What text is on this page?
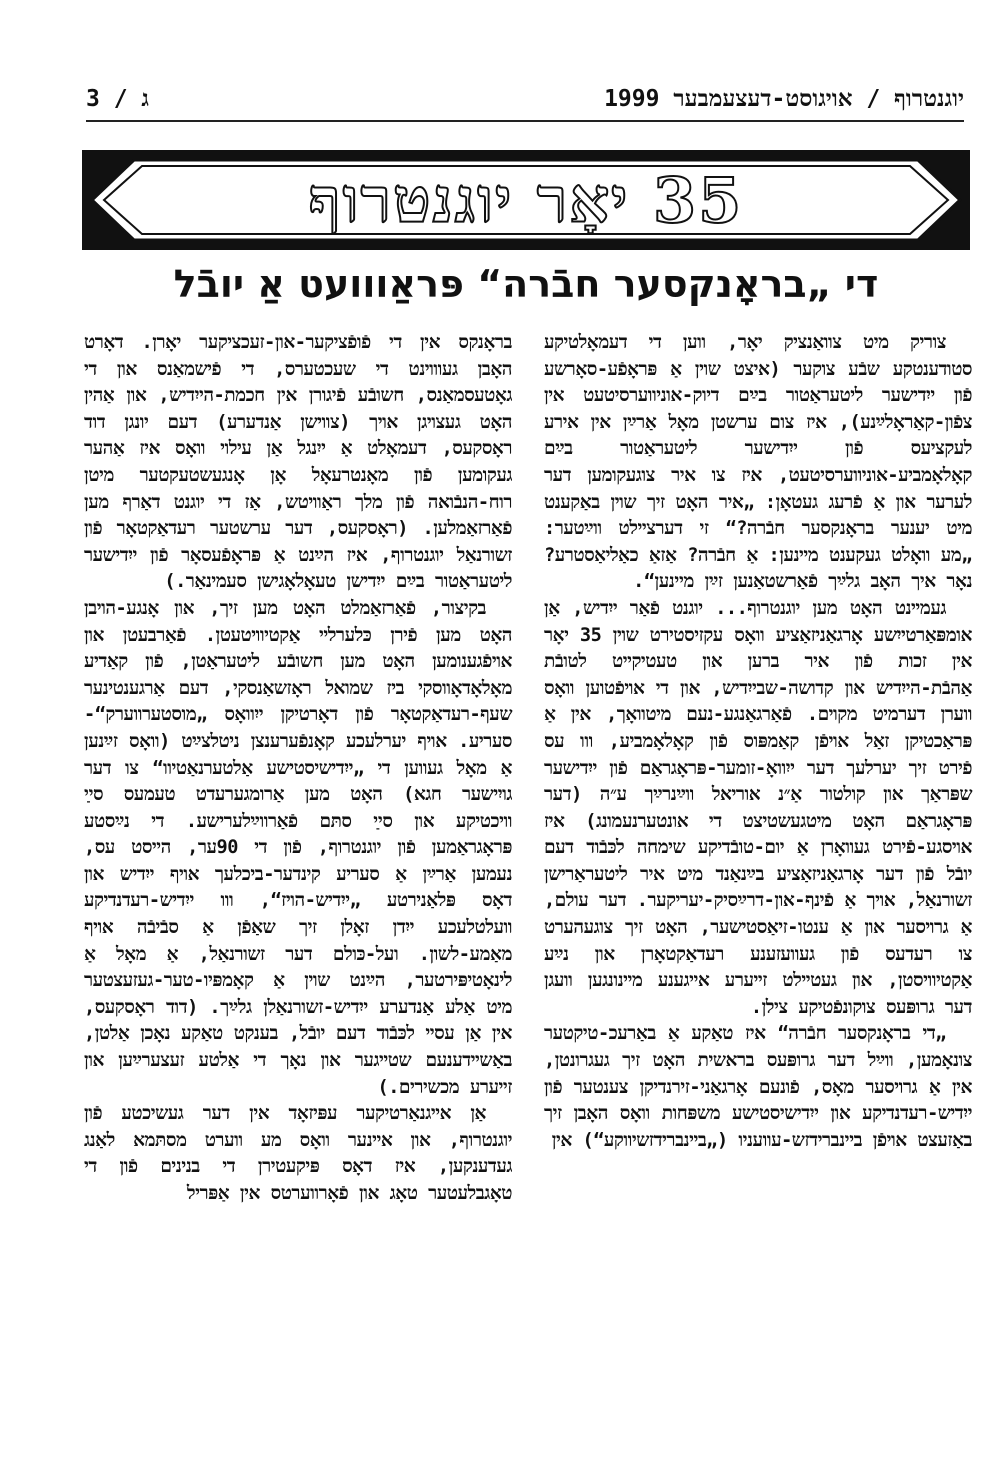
יוגנטרוף / אויגוסט-דעצעמבער 1999
ג / 3
35 יאָר יוגנטרוף
די „בראָנקסער חבֿרה“ פּראַווועט אַ יובֿל

צוריק מיט צוואַנציק יאָר, ווען די דעמאָלטיקע סטודענטקע שבֿע צוקער (איצט שוין אַ פּראָפֿע-סאָרשע פֿון ייִדישער ליטעראַטור בײַם דיוק-אוניווערסיטעט אין צפֿון-קאַראָלײַנע), איז צום ערשטן מאָל אַרײַן אין אירע לעקציעס פֿון ייִדישער ליטעראַטור בײַם קאָלאָמביע-אוניווערסיטעט, איז צו איר צוגעקומען דער לערער און אַ פֿרעג געטאָן: „איר האָט זיך שוין באַקענט מיט יענער בראָנקסער חבֿרה?“ זי דערציילט ווײַטער: „מע וואָלט געקענט מיינען: אַ חבֿרה? אַזאַ כאַליאַסטרע? נאָר איך האָב גלײַך פֿאַרשטאַנען זײַן מײנען“.

געמיינט האָט מען יוגנטרוף... יוגנט פֿאַר ייִדיש, אַן אומפּאַרטייִשע אָרגאַניזאַציע וואָס עקזיסטירט שוין 35 יאָר אין זכות פֿון איר ברען און טעטיקייט לטובֿת אַהבֿת-הייִדיש און קדושה-שבייִדיש, און די אויפֿטוען וואָס ווערן דערמיט מקוים. פֿאַרגאַנגע-נעם מיטוואָך, אין אַ פּראַכטיקן זאַל אויפֿן קאַמפּוס פֿון קאָלאָמביע, ווו עס פֿירט זיך יערלעך דער ייִוואָ-זומער-פּראָגראַם פֿון ייִדישער שפּראַך און קולטור אַ״נ אוריאל ווײַנרײַך ע״ה (דער פּראָגראַם האָט מיטגעשטיצט די אונטערנעמונג) איז אויסגע-פֿירט געוואָרן אַ יום-טובֿדיקע שימחה לכּבֿוד דעם יובֿל פֿון דער אָרגאַניזאַציע בײַנאַנד מיט איר ליטעראַרישן זשורנאַל, אויך אַ פֿינף-און-דרײַסיק-יעריקער. דער עולם, אַ גרויסער און אַ ענטו-זיאַסטישער, האָט זיך צוגעהערט צו רעדעס פֿון געוועזענע רעדאַקטאָרן און נײַע אַקטיוויסטן, און געטיילט זייערע אייגענע מיינונגען וועגן דער גרופּעס צוקונפֿטיקע צילן.

„די בראָנקסער חבֿרה“ איז טאַקע אַ באַרעכ-טיקטער צונאָמען, ווײַל דער גרופּעס בראשית האָט זיך געגרונטן, אין אַ גרויסער מאָס, פֿונעם אָרגאַני-זירנדיקן צענטער פֿון ייִדיש-רעדנדיקע און ייִדישיסטישע משפּחות וואָס האָבן זיך באַזעצט אויפֿן בײנברידזש-עוועניו („ביינברידזשיווקע“) אין

בראָנקס אין די פֿופֿציקער-און-זעכציקער יאָרן. דאָרט האָבן געוווינט די שעכטערס, די פֿישמאַנס און די גאָטעסמאַנס, חשובֿע פֿיגורן אין חכמת-הייִדיש, און אַהין האָט געצויגן אויך (צווישן אַנדערע) דעם יונגן דוד ראָסקעס, דעמאָלט אַ ייִנגל אַן עילוי וואָס איז אַהער געקומען פֿון מאָנטרעאָל אָן אָנגעשטעקטער מיטן רוח-הנבֿואה פֿון מלך ראַוויטש, אַז די יוגנט דאַרף מען פֿאַרזאַמלען. (ראָסקעס, דער ערשטער רעדאַקטאָר פֿון זשורנאַל יוגנטרוף, איז הײַנט אַ פּראָפֿעסאָר פֿון ייִדישער ליטעראַטור בײַם ייִדישן טעאָלאָגישן סעמינאַר.)

בקיצור, פֿאַרזאַמלט האָט מען זיך, און אָנגע-הויבן האָט מען פֿירן כּלערליי אַקטיוויטעטן. פֿאַרבעטן און אויפֿגענומען האָט מען חשובֿע ליטעראַטן, פֿון קאַדיע מאָלאָדאָווסקי ביז שמואל ראָזשאַנסקי, דעם אַרגענטינער שעף-רעדאַקטאָר פֿון דאָרטיקן ייִוואָס „מוסטערווערק“-סעריע. אויף יערלעכע קאָנפֿערענצן ניטלצײַט (וואָס זײַנען אַ מאָל געווען די „ייִדישיסטישע אַלטערנאַטיוו“ צו דער גויִישער חגא) האָט מען אַרומגערעדט טעמעס סײַ וויכטיקע און סײַ סתּם פֿאַרווײַלערישע. די נײַסטע פּראָגראַמען פֿון יוגנטרוף, פֿון די 90ער, הייסט עס, נעמען אַרײַן אַ סעריע קינדער-ביכלעך אויף ייִדיש און דאָס פּלאַנירטע „ייִדיש-הויז“, ווו ייִדיש-רעדנדיקע וועלטלעכע ייִדן זאָלן זיך שאַפֿן אַ סבֿיבֿה אויף מאַמע-לשון. ועל-כּולם דער זשורנאַל, אַ מאָל אַ לינאָטיפּירטער, הײַנט שוין אַ קאָמפּיו-טער-געזעצטער מיט אַלע אַנדערע ייִדיש-זשורנאַלן גלײַך. (דוד ראָסקעס, אין אַן עסיי לכּבֿוד דעם יובֿל, בענקט טאַקע נאָכן אַלטן, באַשיידענעם שטייגער און נאָך די אַלטע זעצערײַען און זייערע מכשירים.)

אַן אייגנאַרטיקער עפּיזאָד אין דער געשיכטע פֿון יוגנטרוף, און איינער וואָס מע ווערט מסתּמא לאַנג געדענקען, איז דאָס פּיקעטירן די בנינים פֿון די טאָגבלעטער טאָג און פֿאָרווערטס אין אַפּריל
